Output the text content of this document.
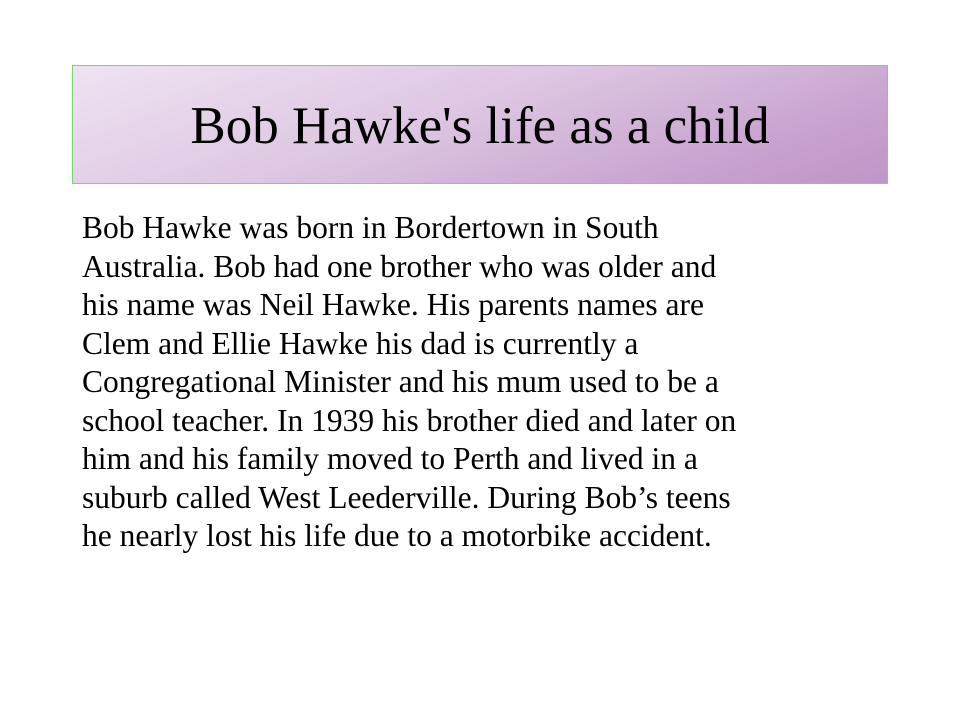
Bob Hawke's life as a child
Bob Hawke was born in Bordertown in South
Australia. Bob had one brother who was older and
his name was Neil Hawke. His parents names are
Clem and Ellie Hawke his dad is currently a
Congregational Minister and his mum used to be a
school teacher. In 1939 his brother died and later on
him and his family moved to Perth and lived in a
suburb called West Leederville. During Bob’s teens
he nearly lost his life due to a motorbike accident.
